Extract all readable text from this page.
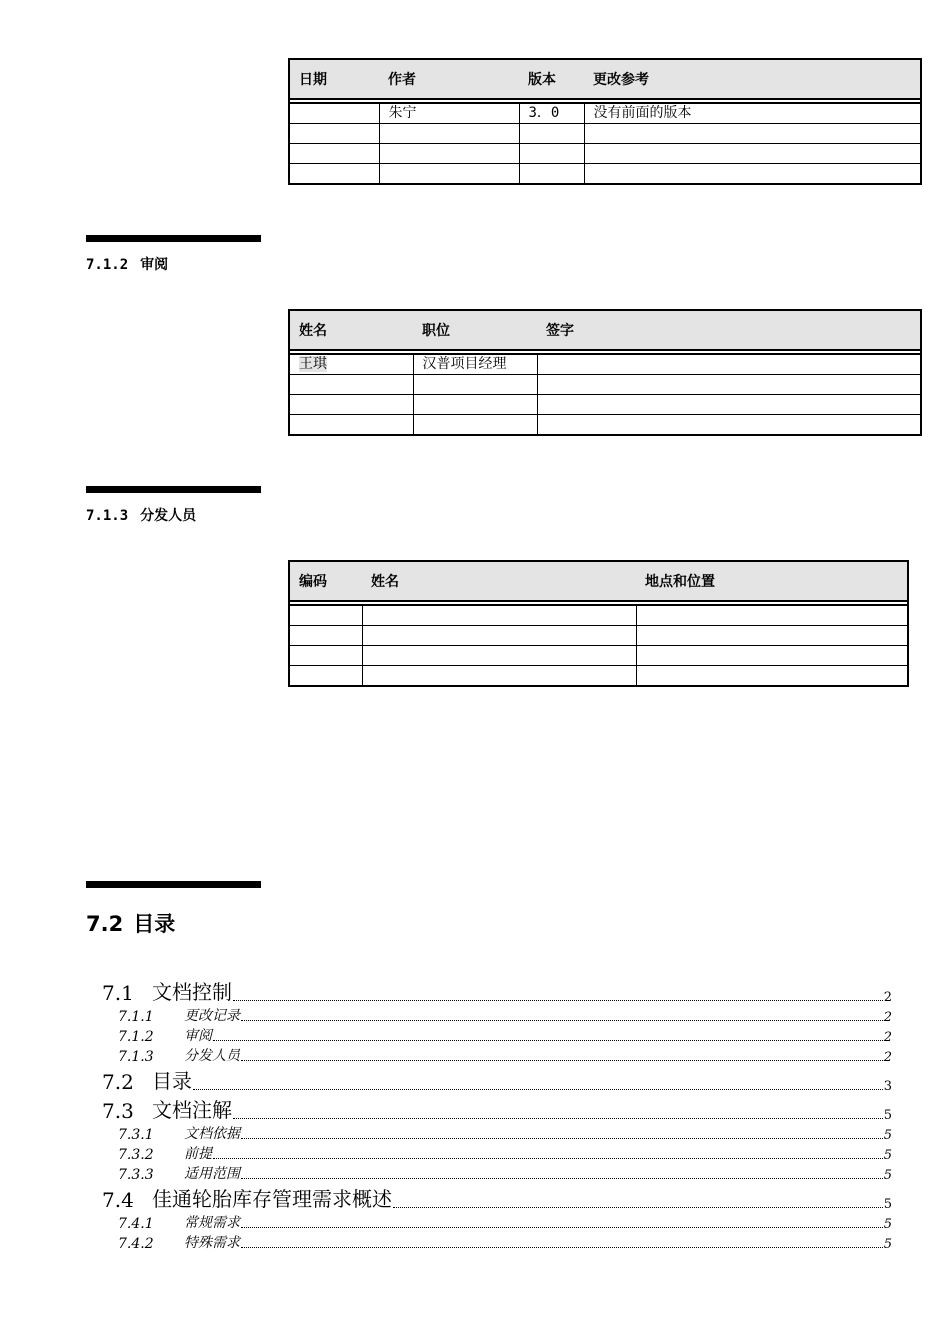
日期	作者	版本	更改参考

	朱宁	3．0	没有前面的版本

7.1.2 审阅
姓名	职位	签字

王琪	汉普项目经理	

7.1.3 分发人员
编码	姓名	地点和位置

7.2 目录
7.1 文档控制	2
7.1.1	更改记录	2
7.1.2	审阅	2
7.1.3	分发人员	2
7.2 目录	3
7.3 文档注解	5
7.3.1	文档依据	5
7.3.2	前提	5
7.3.3	适用范围	5
7.4 佳通轮胎库存管理需求概述	5
7.4.1	常规需求	5
7.4.2	特殊需求	5
